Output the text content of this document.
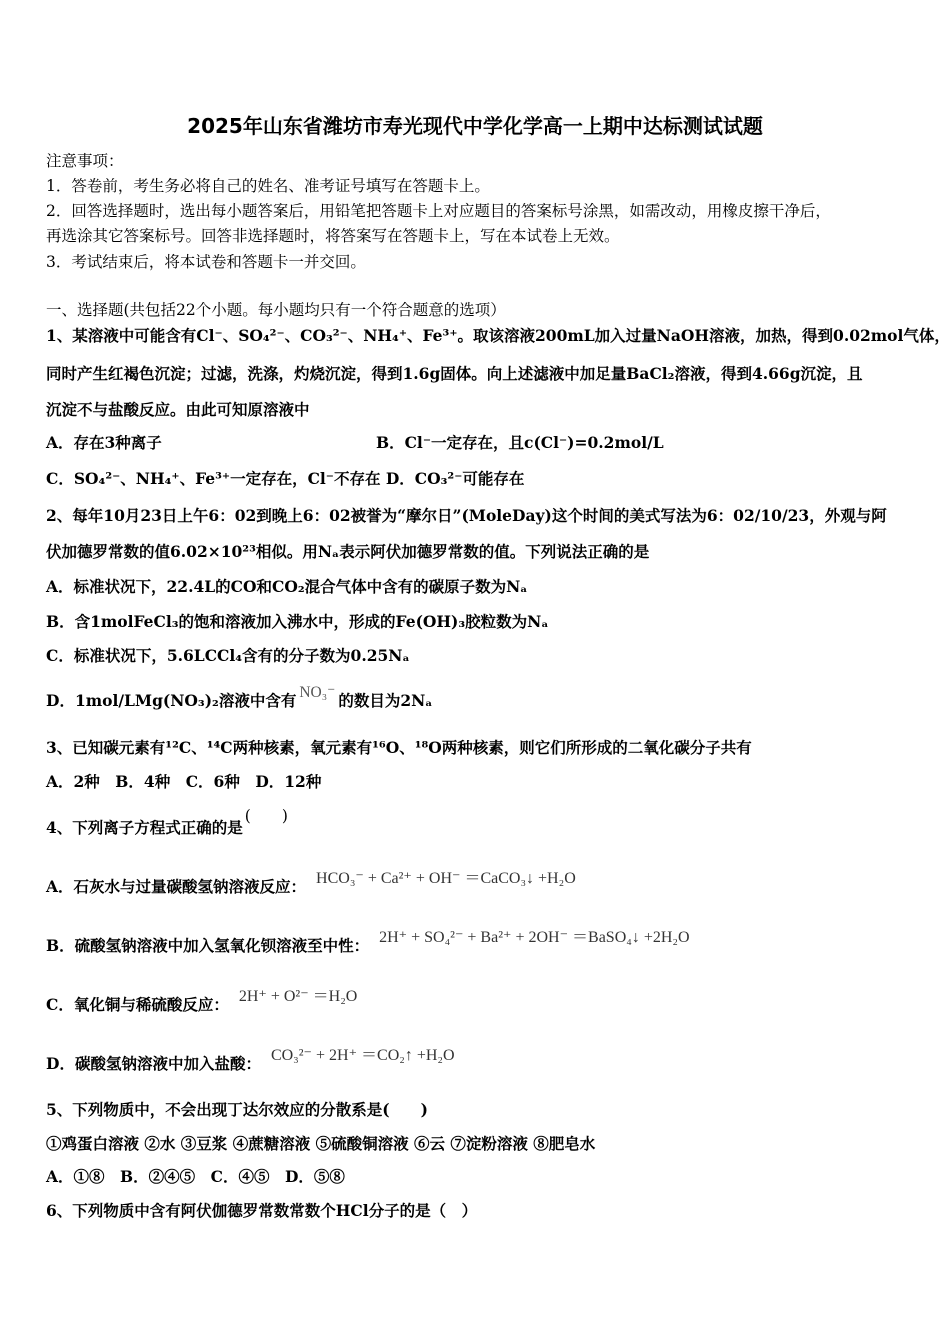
2025年山东省潍坊市寿光现代中学化学高一上期中达标测试试题
注意事项：
1．答卷前，考生务必将自己的姓名、准考证号填写在答题卡上。
2．回答选择题时，选出每小题答案后，用铅笔把答题卡上对应题目的答案标号涂黑，如需改动，用橡皮擦干净后，
再选涂其它答案标号。回答非选择题时，将答案写在答题卡上，写在本试卷上无效。
3．考试结束后，将本试卷和答题卡一并交回。
一、选择题(共包括22个小题。每小题均只有一个符合题意的选项）
1、某溶液中可能含有Cl⁻、SO₄²⁻、CO₃²⁻、NH₄⁺、Fe³⁺。取该溶液200mL加入过量NaOH溶液，加热，得到0.02mol气体，
同时产生红褐色沉淀；过滤，洗涤，灼烧沉淀，得到1.6g固体。向上述滤液中加足量BaCl₂溶液，得到4.66g沉淀，且
沉淀不与盐酸反应。由此可知原溶液中
A．存在3种离子	B．Cl⁻一定存在，且c(Cl⁻)=0.2mol/L
C．SO₄²⁻、NH₄⁺、Fe³⁺一定存在，Cl⁻不存在 D．CO₃²⁻可能存在
2、每年10月23日上午6：02到晚上6：02被誉为“摩尔日”(MoleDay)这个时间的美式写法为6：02/10/23，外观与阿
伏加德罗常数的值6.02×10²³相似。用Nₐ表示阿伏加德罗常数的值。下列说法正确的是
A．标准状况下，22.4L的CO和CO₂混合气体中含有的碳原子数为Nₐ
B．含1molFeCl₃的饱和溶液加入沸水中，形成的Fe(OH)₃胶粒数为Nₐ
C．标准状况下，5.6LCCl₄含有的分子数为0.25Nₐ
D．1mol/LMg(NO₃)₂溶液中含有 NO₃⁻ 的数目为2Nₐ
3、已知碳元素有¹²C、¹⁴C两种核素，氧元素有¹⁶O、¹⁸O两种核素，则它们所形成的二氧化碳分子共有
A．2种　B．4种　C．6种　D．12种
4、下列离子方程式正确的是(　　)
A．石灰水与过量碳酸氢钠溶液反应： HCO₃⁻ + Ca²⁺ + OH⁻ ＝CaCO₃↓ +H₂O
B．硫酸氢钠溶液中加入氢氧化钡溶液至中性： 2H⁺ + SO₄²⁻ + Ba²⁺ + 2OH⁻ ＝BaSO₄↓ +2H₂O
C．氧化铜与稀硫酸反应： 2H⁺ + O²⁻ ＝H₂O
D．碳酸氢钠溶液中加入盐酸： CO₃²⁻ + 2H⁺ ＝CO₂↑ +H₂O
5、下列物质中，不会出现丁达尔效应的分散系是(　　)
①鸡蛋白溶液 ②水 ③豆浆 ④蔗糖溶液 ⑤硫酸铜溶液 ⑥云 ⑦淀粉溶液 ⑧肥皂水
A．①⑧　B．②④⑤　C．④⑤　D．⑤⑧
6、下列物质中含有阿伏伽德罗常数常数个HCl分子的是（　）
